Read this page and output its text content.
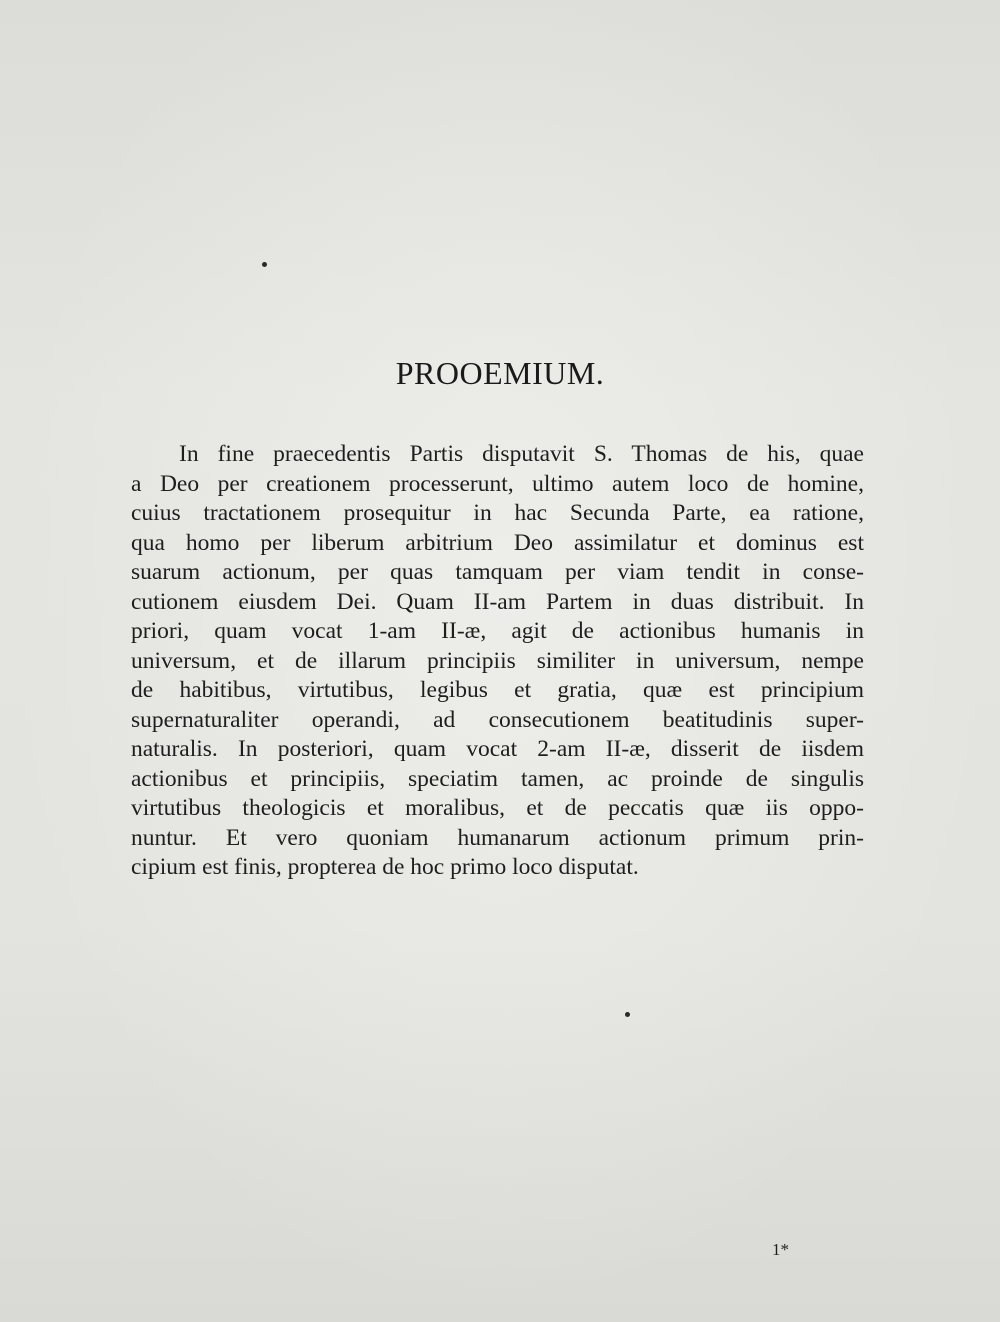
PROOEMIUM.
In fine praecedentis Partis disputavit S. Thomas de his, quae
a Deo per creationem processerunt, ultimo autem loco de homine,
cuius tractationem prosequitur in hac Secunda Parte, ea ratione,
qua homo per liberum arbitrium Deo assimilatur et dominus est
suarum actionum, per quas tamquam per viam tendit in conse-
cutionem eiusdem Dei. Quam II-am Partem in duas distribuit. In
priori, quam vocat 1-am II-æ, agit de actionibus humanis in
universum, et de illarum principiis similiter in universum, nempe
de habitibus, virtutibus, legibus et gratia, quæ est principium
supernaturaliter operandi, ad consecutionem beatitudinis super-
naturalis. In posteriori, quam vocat 2-am II-æ, disserit de iisdem
actionibus et principiis, speciatim tamen, ac proinde de singulis
virtutibus theologicis et moralibus, et de peccatis quæ iis oppo-
nuntur. Et vero quoniam humanarum actionum primum prin-
cipium est finis, propterea de hoc primo loco disputat.
1*
